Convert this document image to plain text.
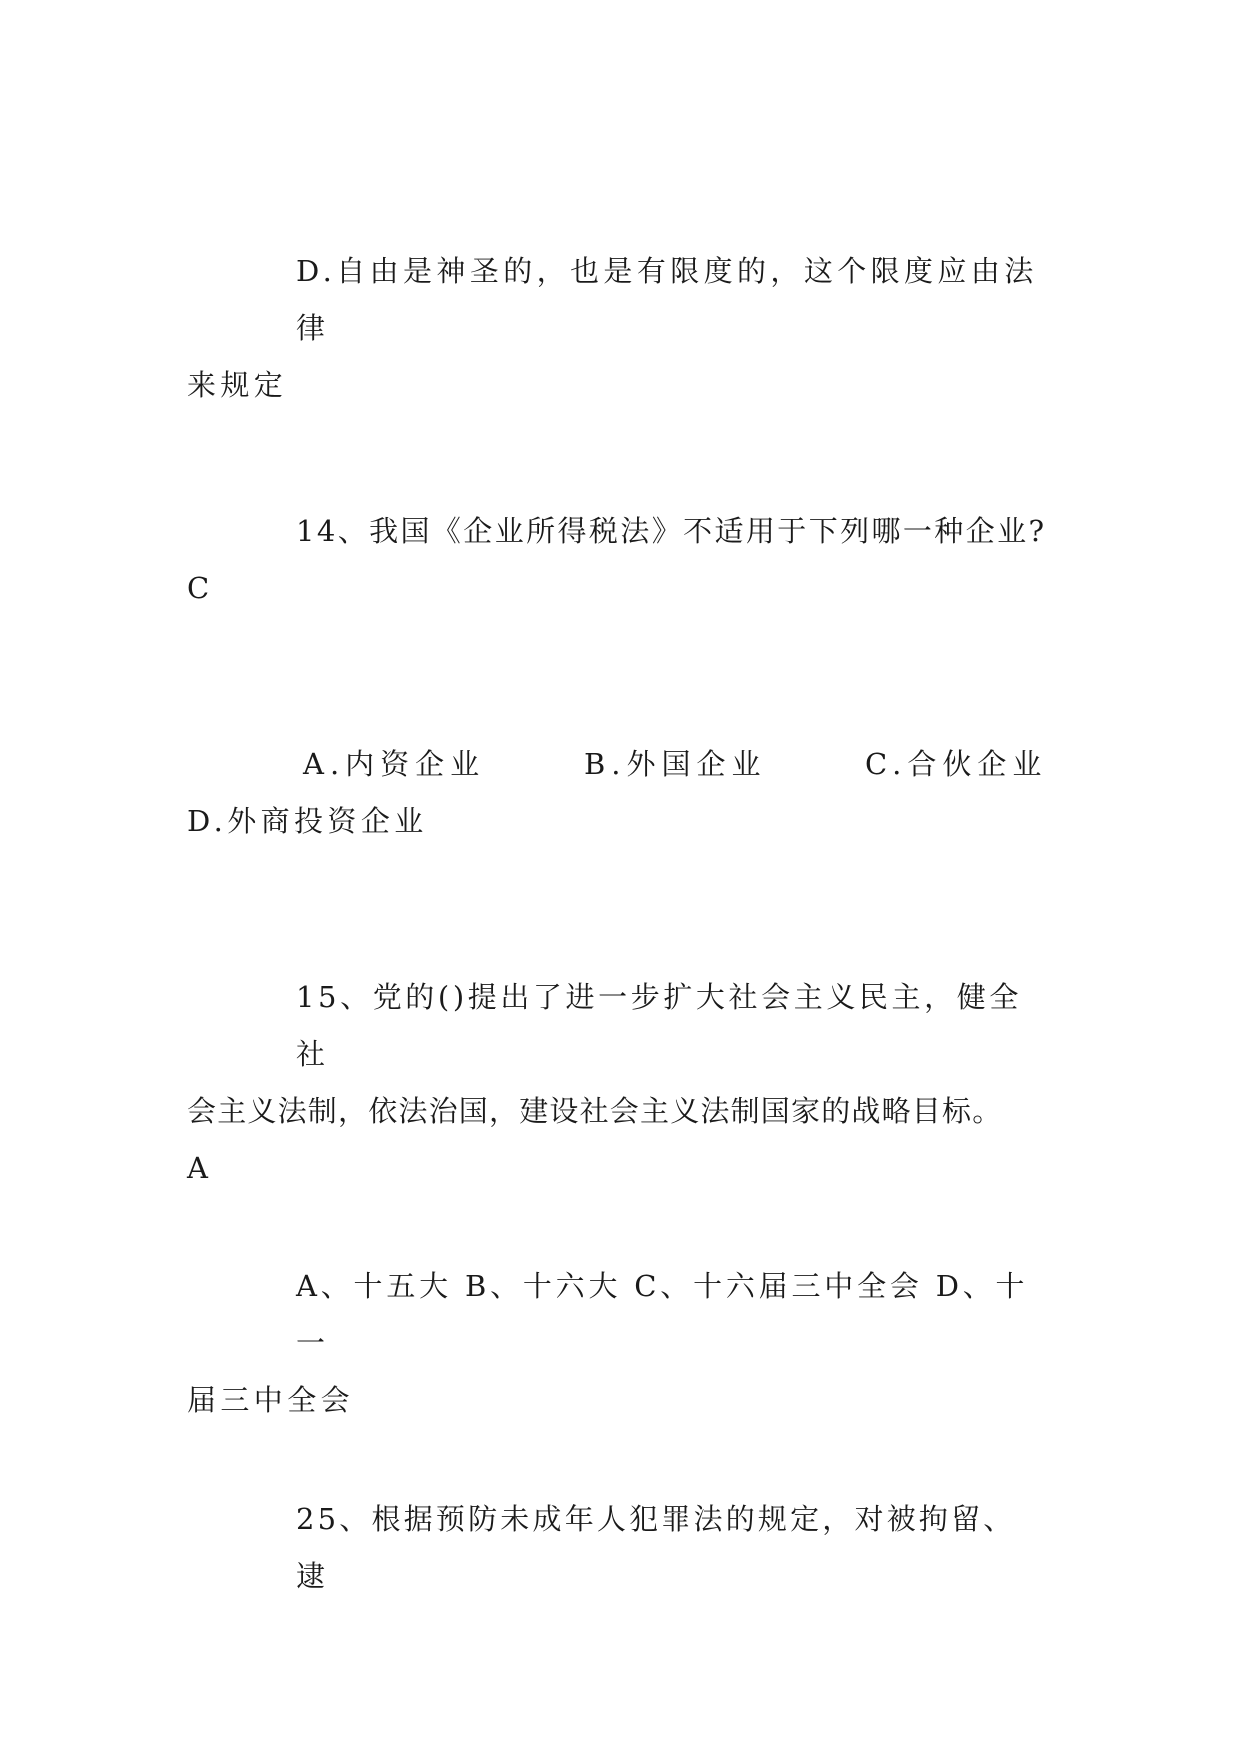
D.自由是神圣的，也是有限度的，这个限度应由法律
来规定
14、我国《企业所得税法》不适用于下列哪一种企业?
C
A.内资企业	B.外国企业	C.合伙企业
D.外商投资企业
15、党的()提出了进一步扩大社会主义民主，健全社
会主义法制，依法治国，建设社会主义法制国家的战略目标。
A
A、十五大 B、十六大 C、十六届三中全会 D、十一
届三中全会
25、根据预防未成年人犯罪法的规定，对被拘留、逮
